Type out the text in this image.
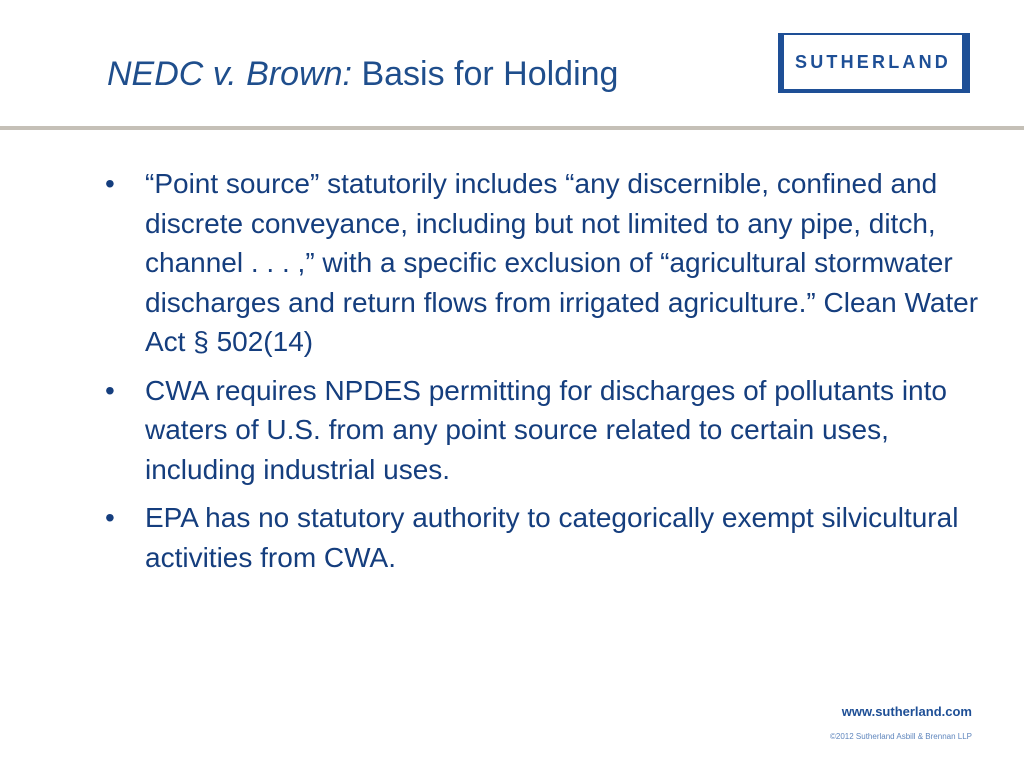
NEDC v. Brown: Basis for Holding	SUTHERLAND
•	“Point source” statutorily includes “any discernible, confined and discrete conveyance, including but not limited to any pipe, ditch, channel . . . ,” with a specific exclusion of “agricultural stormwater discharges and return flows from irrigated agriculture.” Clean Water Act § 502(14)
•	CWA requires NPDES permitting for discharges of pollutants into waters of U.S. from any point source related to certain uses, including industrial uses.
•	EPA has no statutory authority to categorically exempt silvicultural activities from CWA.
www.sutherland.com
©2012 Sutherland Asbill & Brennan LLP
